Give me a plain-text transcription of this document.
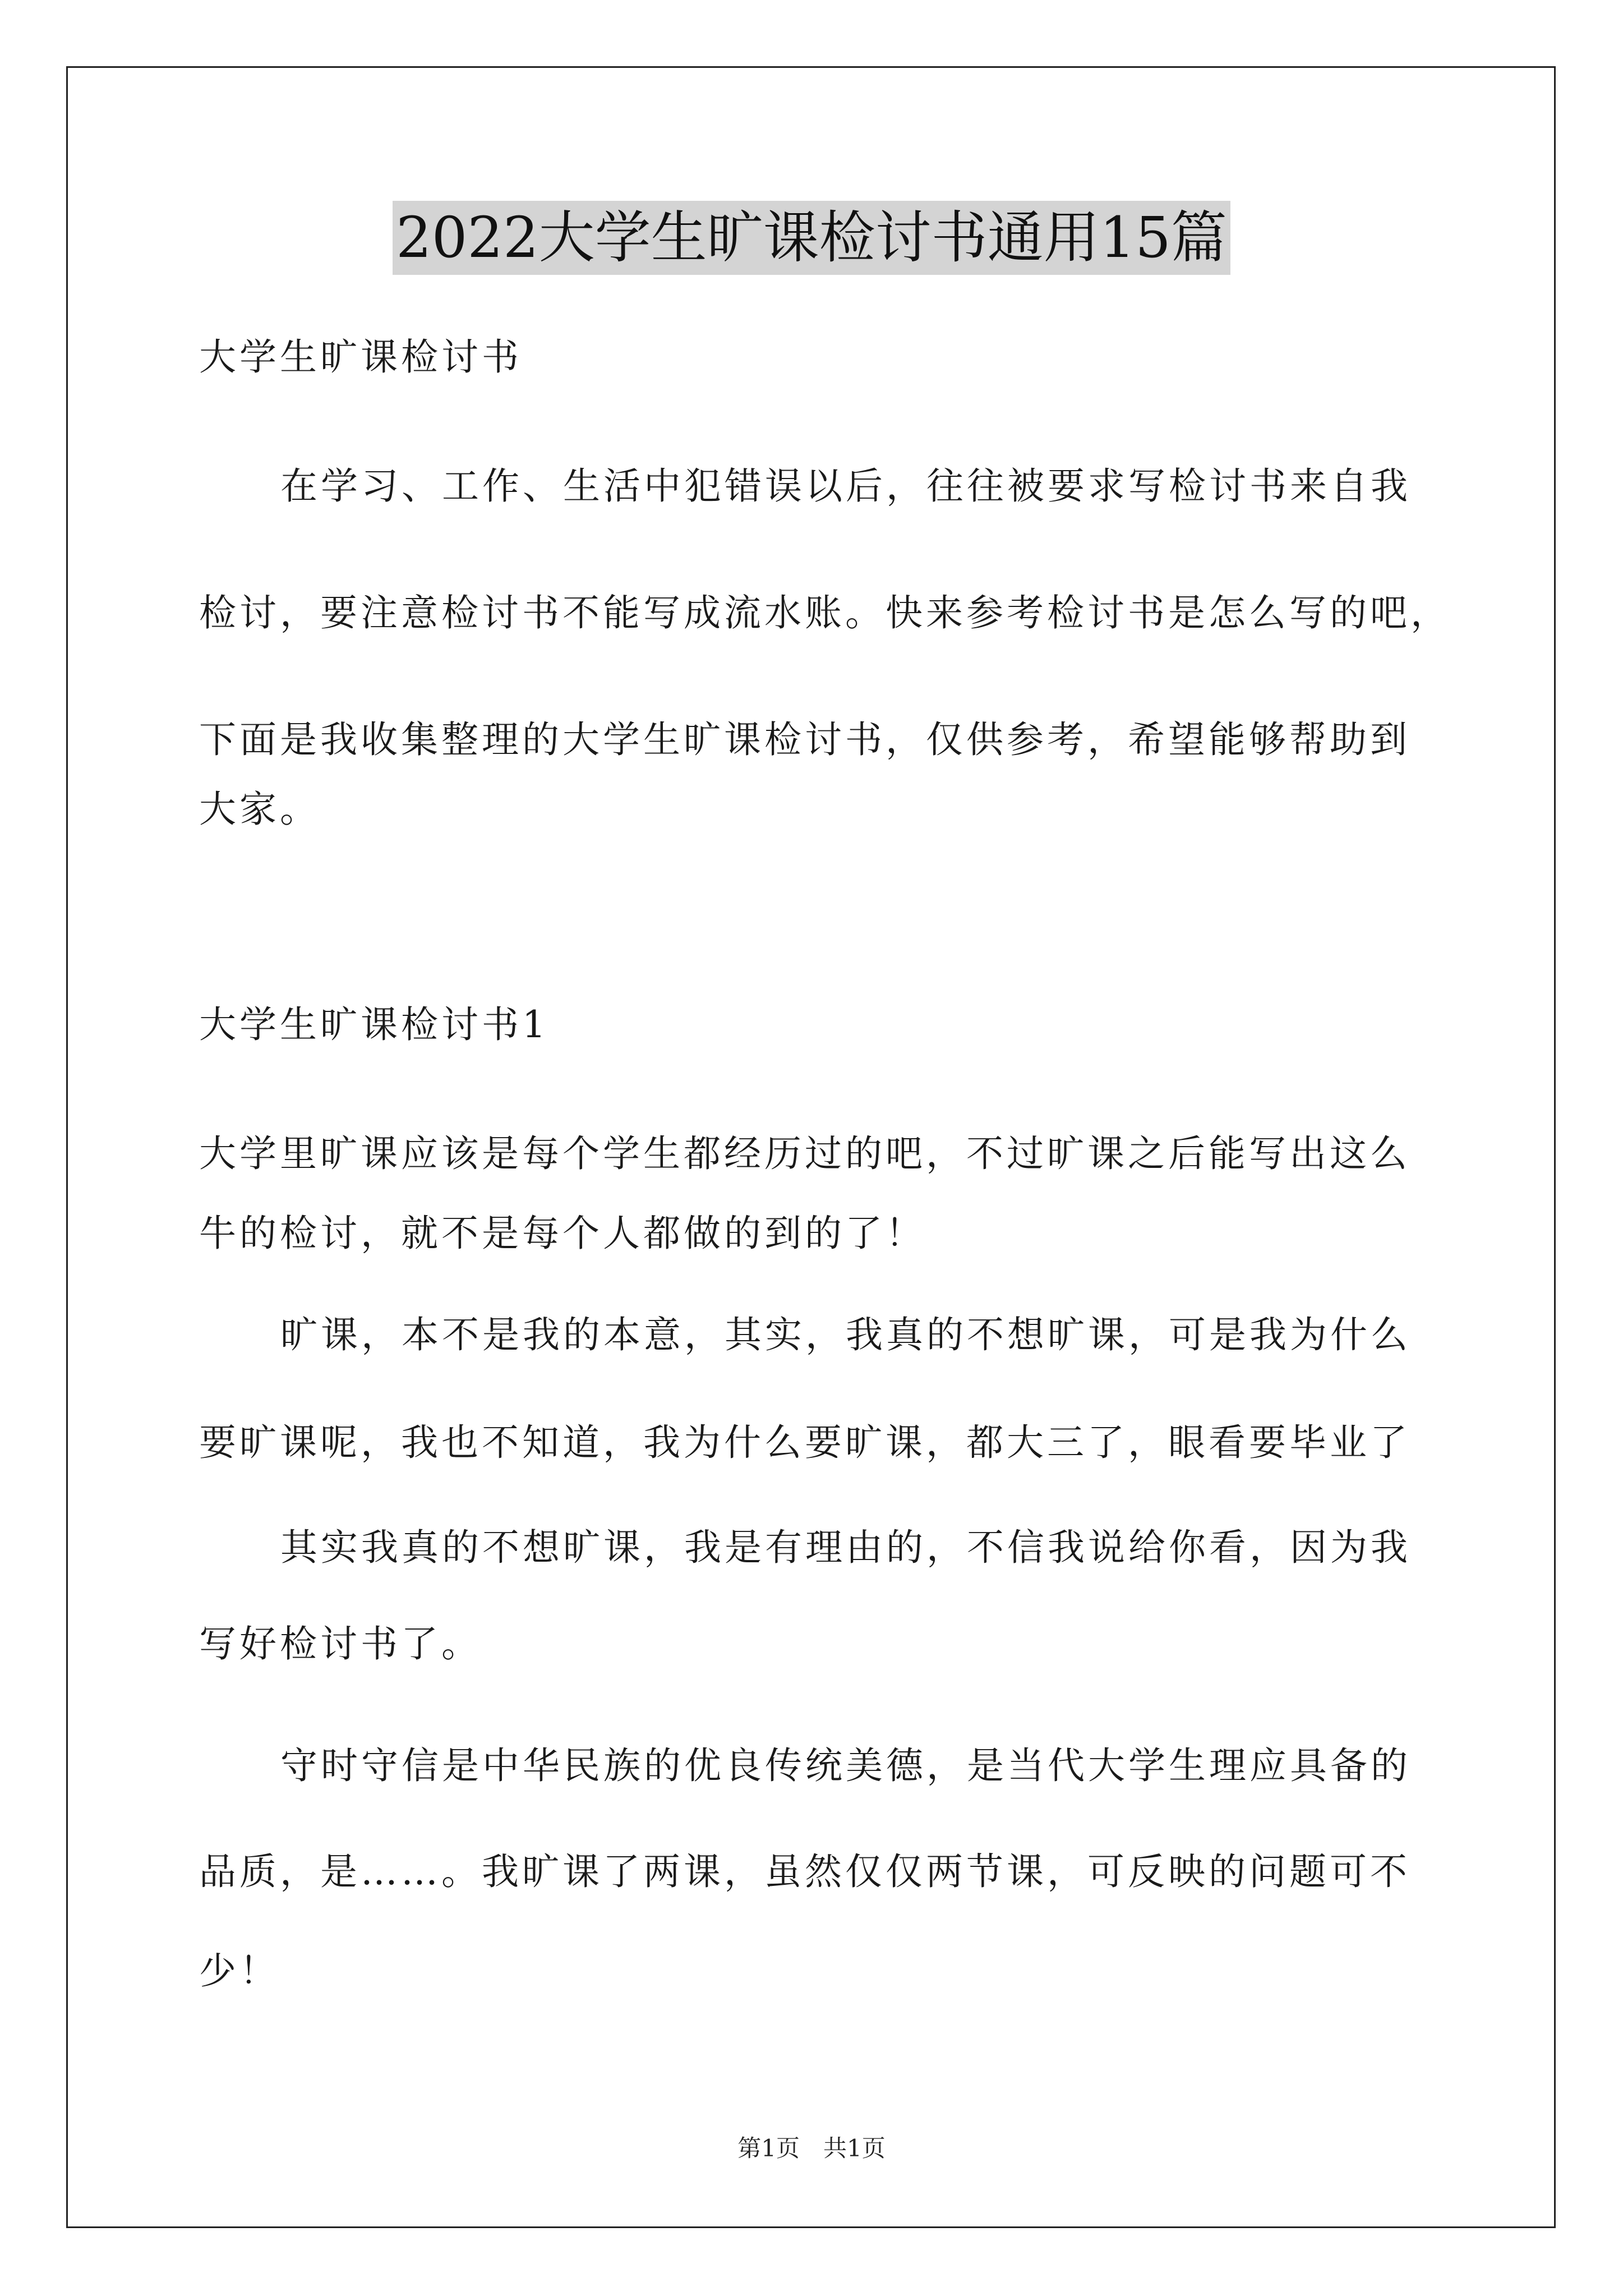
2022大学生旷课检讨书通用15篇
大学生旷课检讨书
在学习、工作、生活中犯错误以后，往往被要求写检讨书来自我
检讨，要注意检讨书不能写成流水账。快来参考检讨书是怎么写的吧，
下面是我收集整理的大学生旷课检讨书，仅供参考，希望能够帮助到
大家。
大学生旷课检讨书1
大学里旷课应该是每个学生都经历过的吧，不过旷课之后能写出这么
牛的检讨，就不是每个人都做的到的了！
旷课，本不是我的本意，其实，我真的不想旷课，可是我为什么
要旷课呢，我也不知道，我为什么要旷课，都大三了，眼看要毕业了
其实我真的不想旷课，我是有理由的，不信我说给你看，因为我
写好检讨书了。
守时守信是中华民族的优良传统美德，是当代大学生理应具备的
品质，是……。我旷课了两课，虽然仅仅两节课，可反映的问题可不
少！
第1页　共1页
